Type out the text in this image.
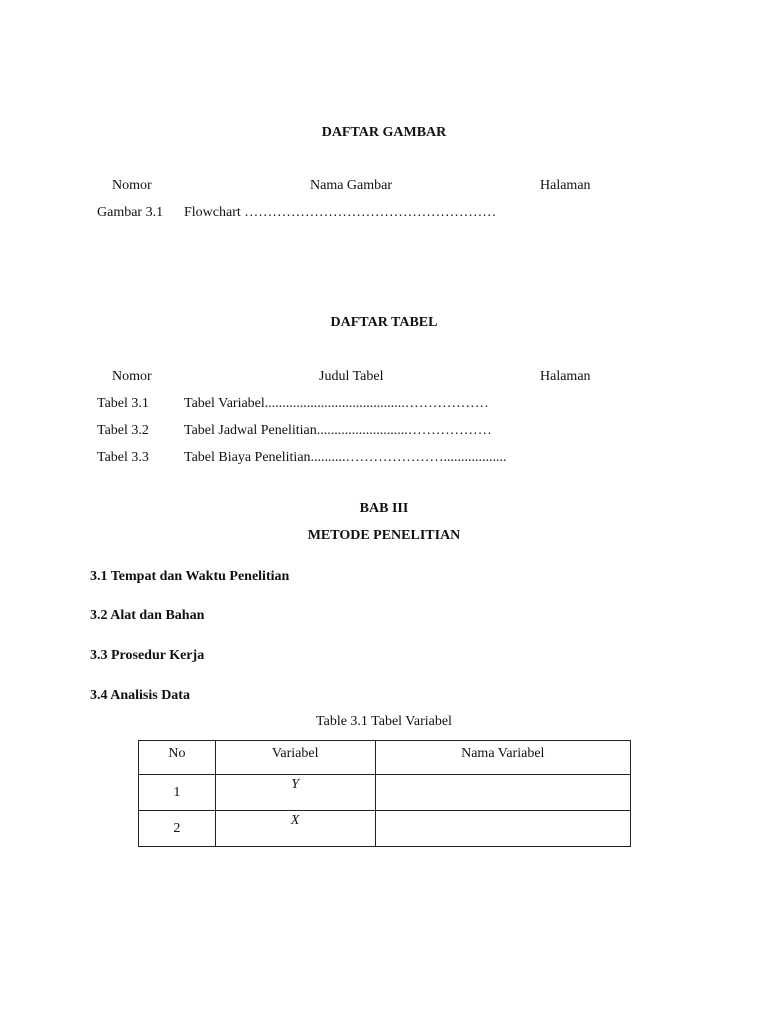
DAFTAR GAMBAR
Nomor	Nama Gambar	Halaman
Gambar 3.1 Flowchart ………………………………………………
DAFTAR TABEL
Nomor	Judul Tabel	Halaman
Tabel 3.1	Tabel Variabel........................................………………
Tabel 3.2	Tabel Jadwal Penelitian..........................………………
Tabel 3.3	Tabel Biaya Penelitian..........…………………..................
BAB III
METODE PENELITIAN
3.1 Tempat dan Waktu Penelitian
3.2 Alat dan Bahan
3.3 Prosedur Kerja
3.4 Analisis Data
Table 3.1 Tabel Variabel
No	Variabel	Nama Variabel
1	Y	
2	X	
